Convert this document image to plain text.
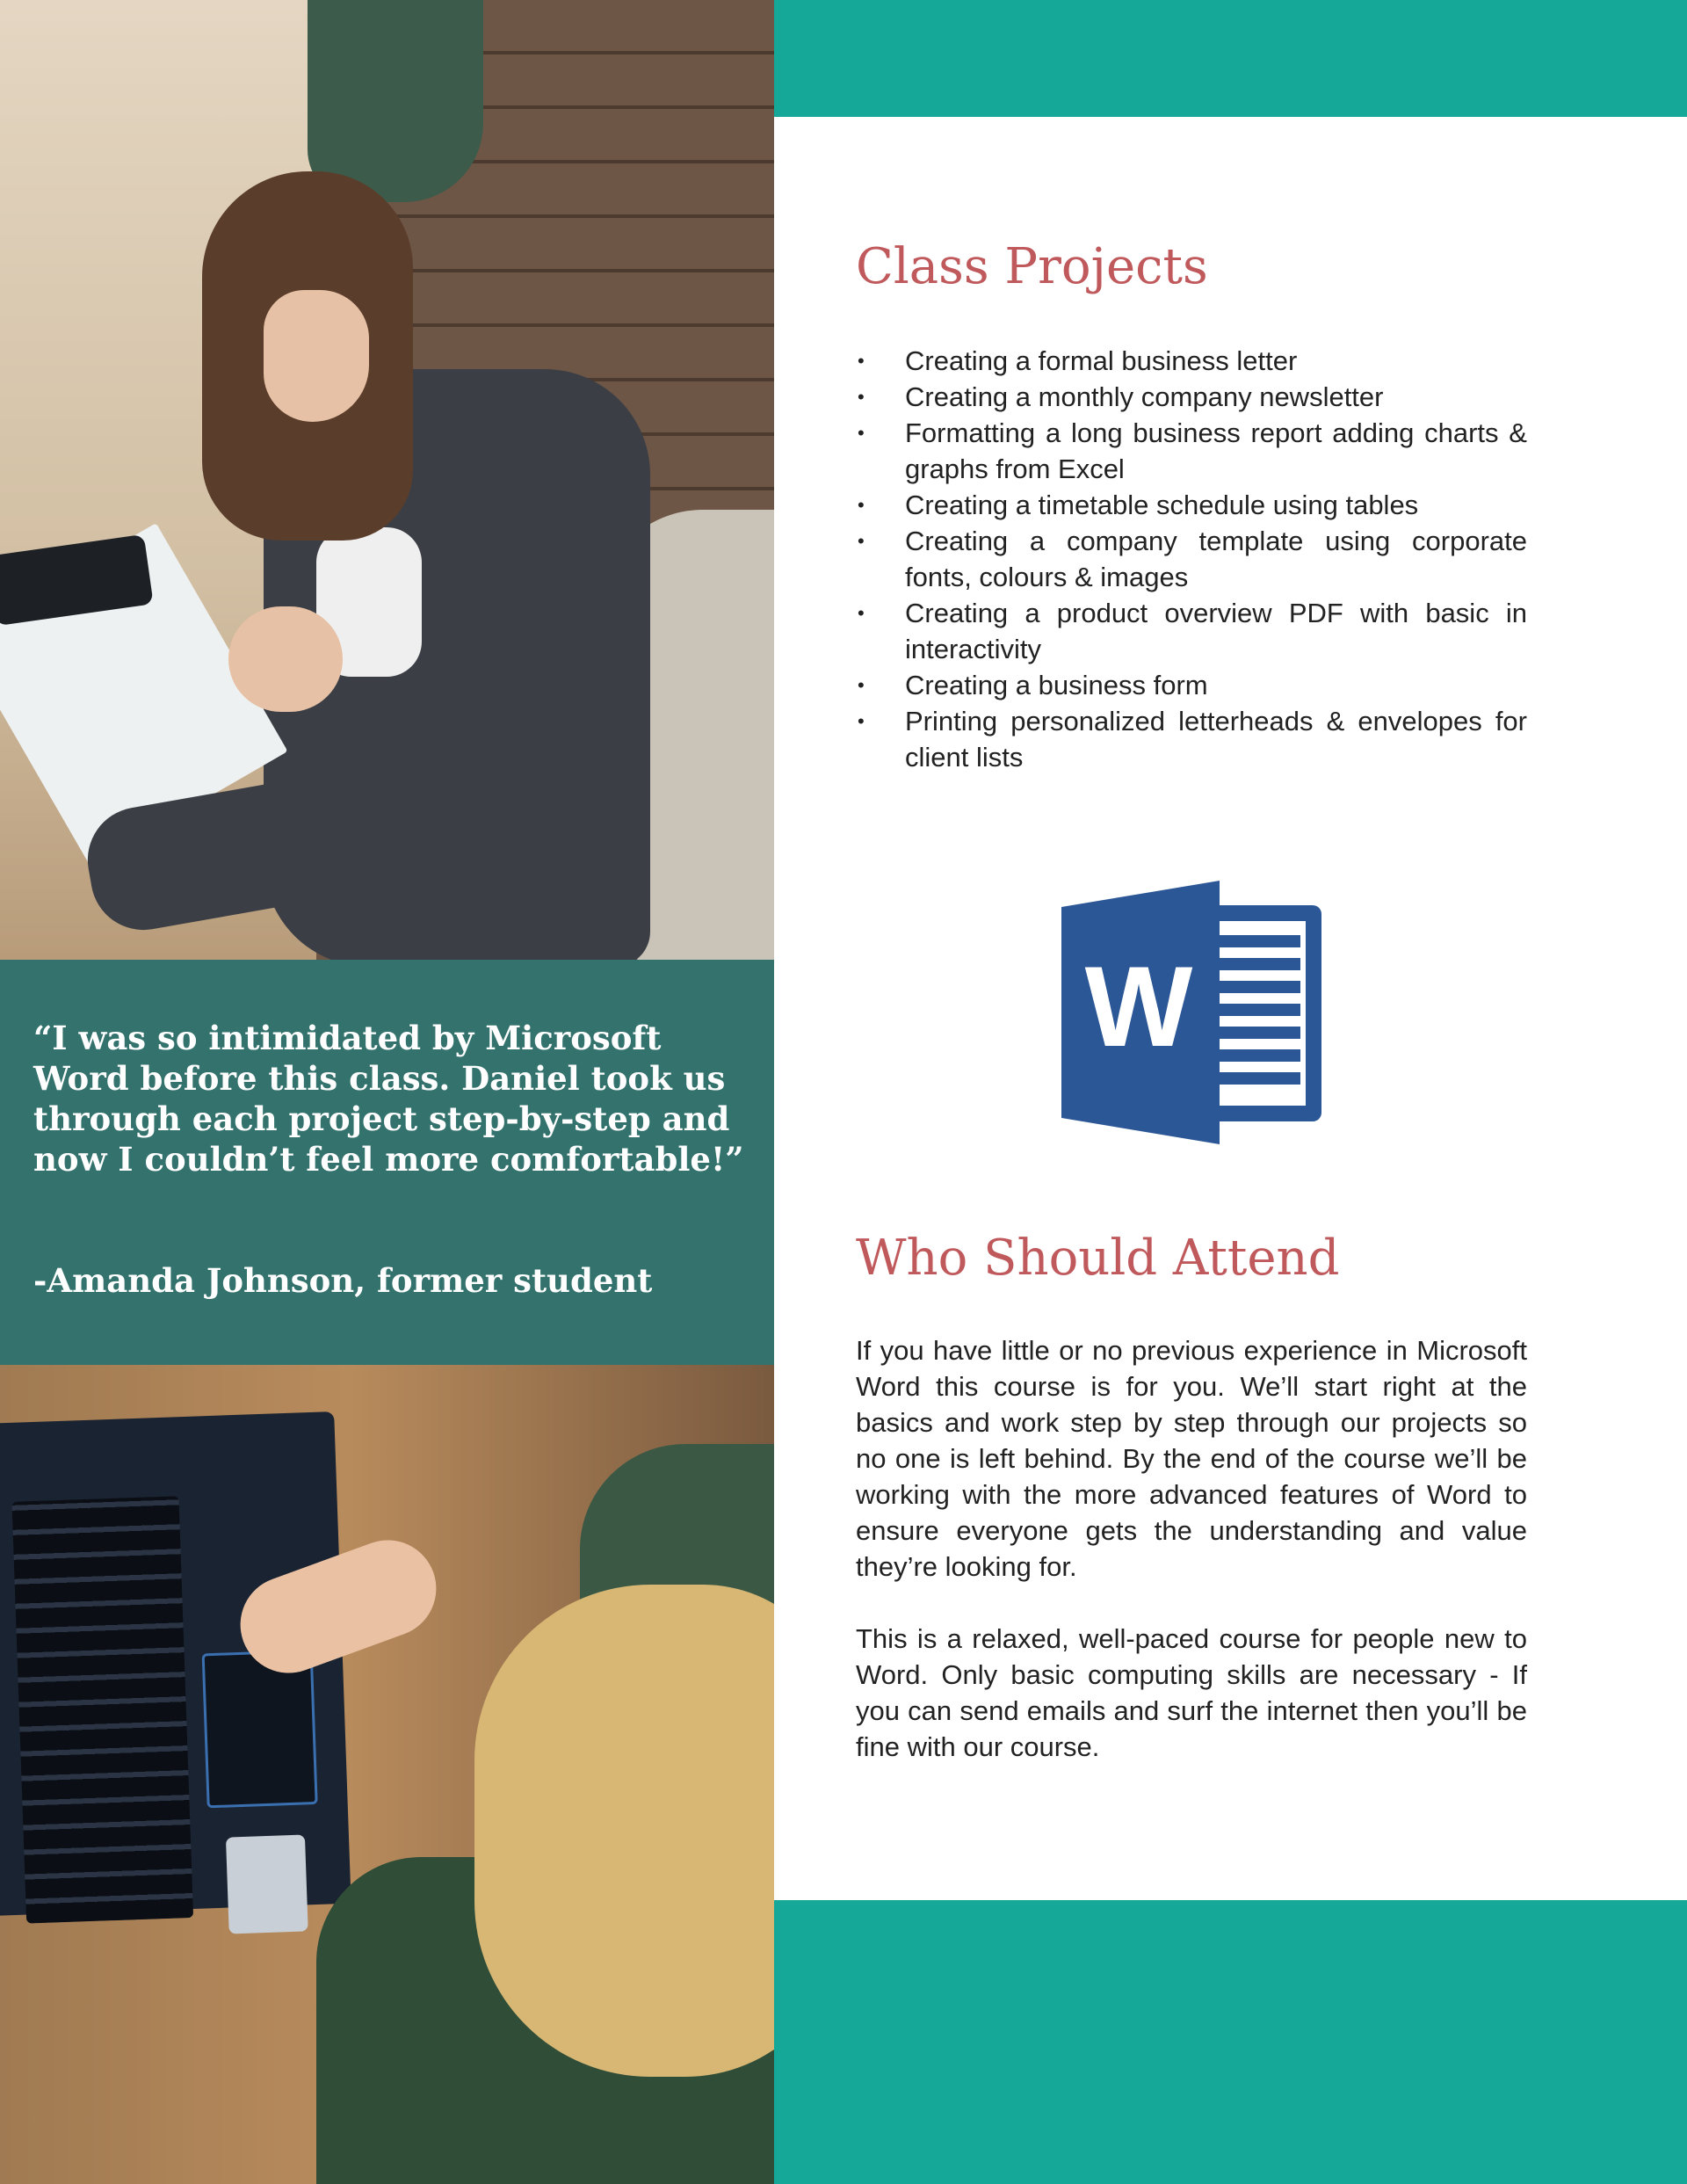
“I was so intimidated by Microsoft Word before this class. Daniel took us through each project step-by-step and now I couldn’t feel more comfortable!”

-Amanda Johnson, former student

Class Projects
• Creating a formal business letter
• Creating a monthly company newsletter
• Formatting a long business report adding charts & graphs from Excel
• Creating a timetable schedule using tables
• Creating a company template using corporate fonts, colours & images
• Creating a product overview PDF with basic in interactivity
• Creating a business form
• Printing personalized letterheads & envelopes for client lists
W
Who Should Attend

If you have little or no previous experience in Microsoft Word this course is for you. We’ll start right at the basics and work step by step through our projects so no one is left behind. By the end of the course we’ll be working with the more advanced features of Word to ensure everyone gets the understanding and value they’re looking for.

This is a relaxed, well-paced course for people new to Word. Only basic computing skills are necessary - If you can send emails and surf the internet then you’ll be fine with our course.
